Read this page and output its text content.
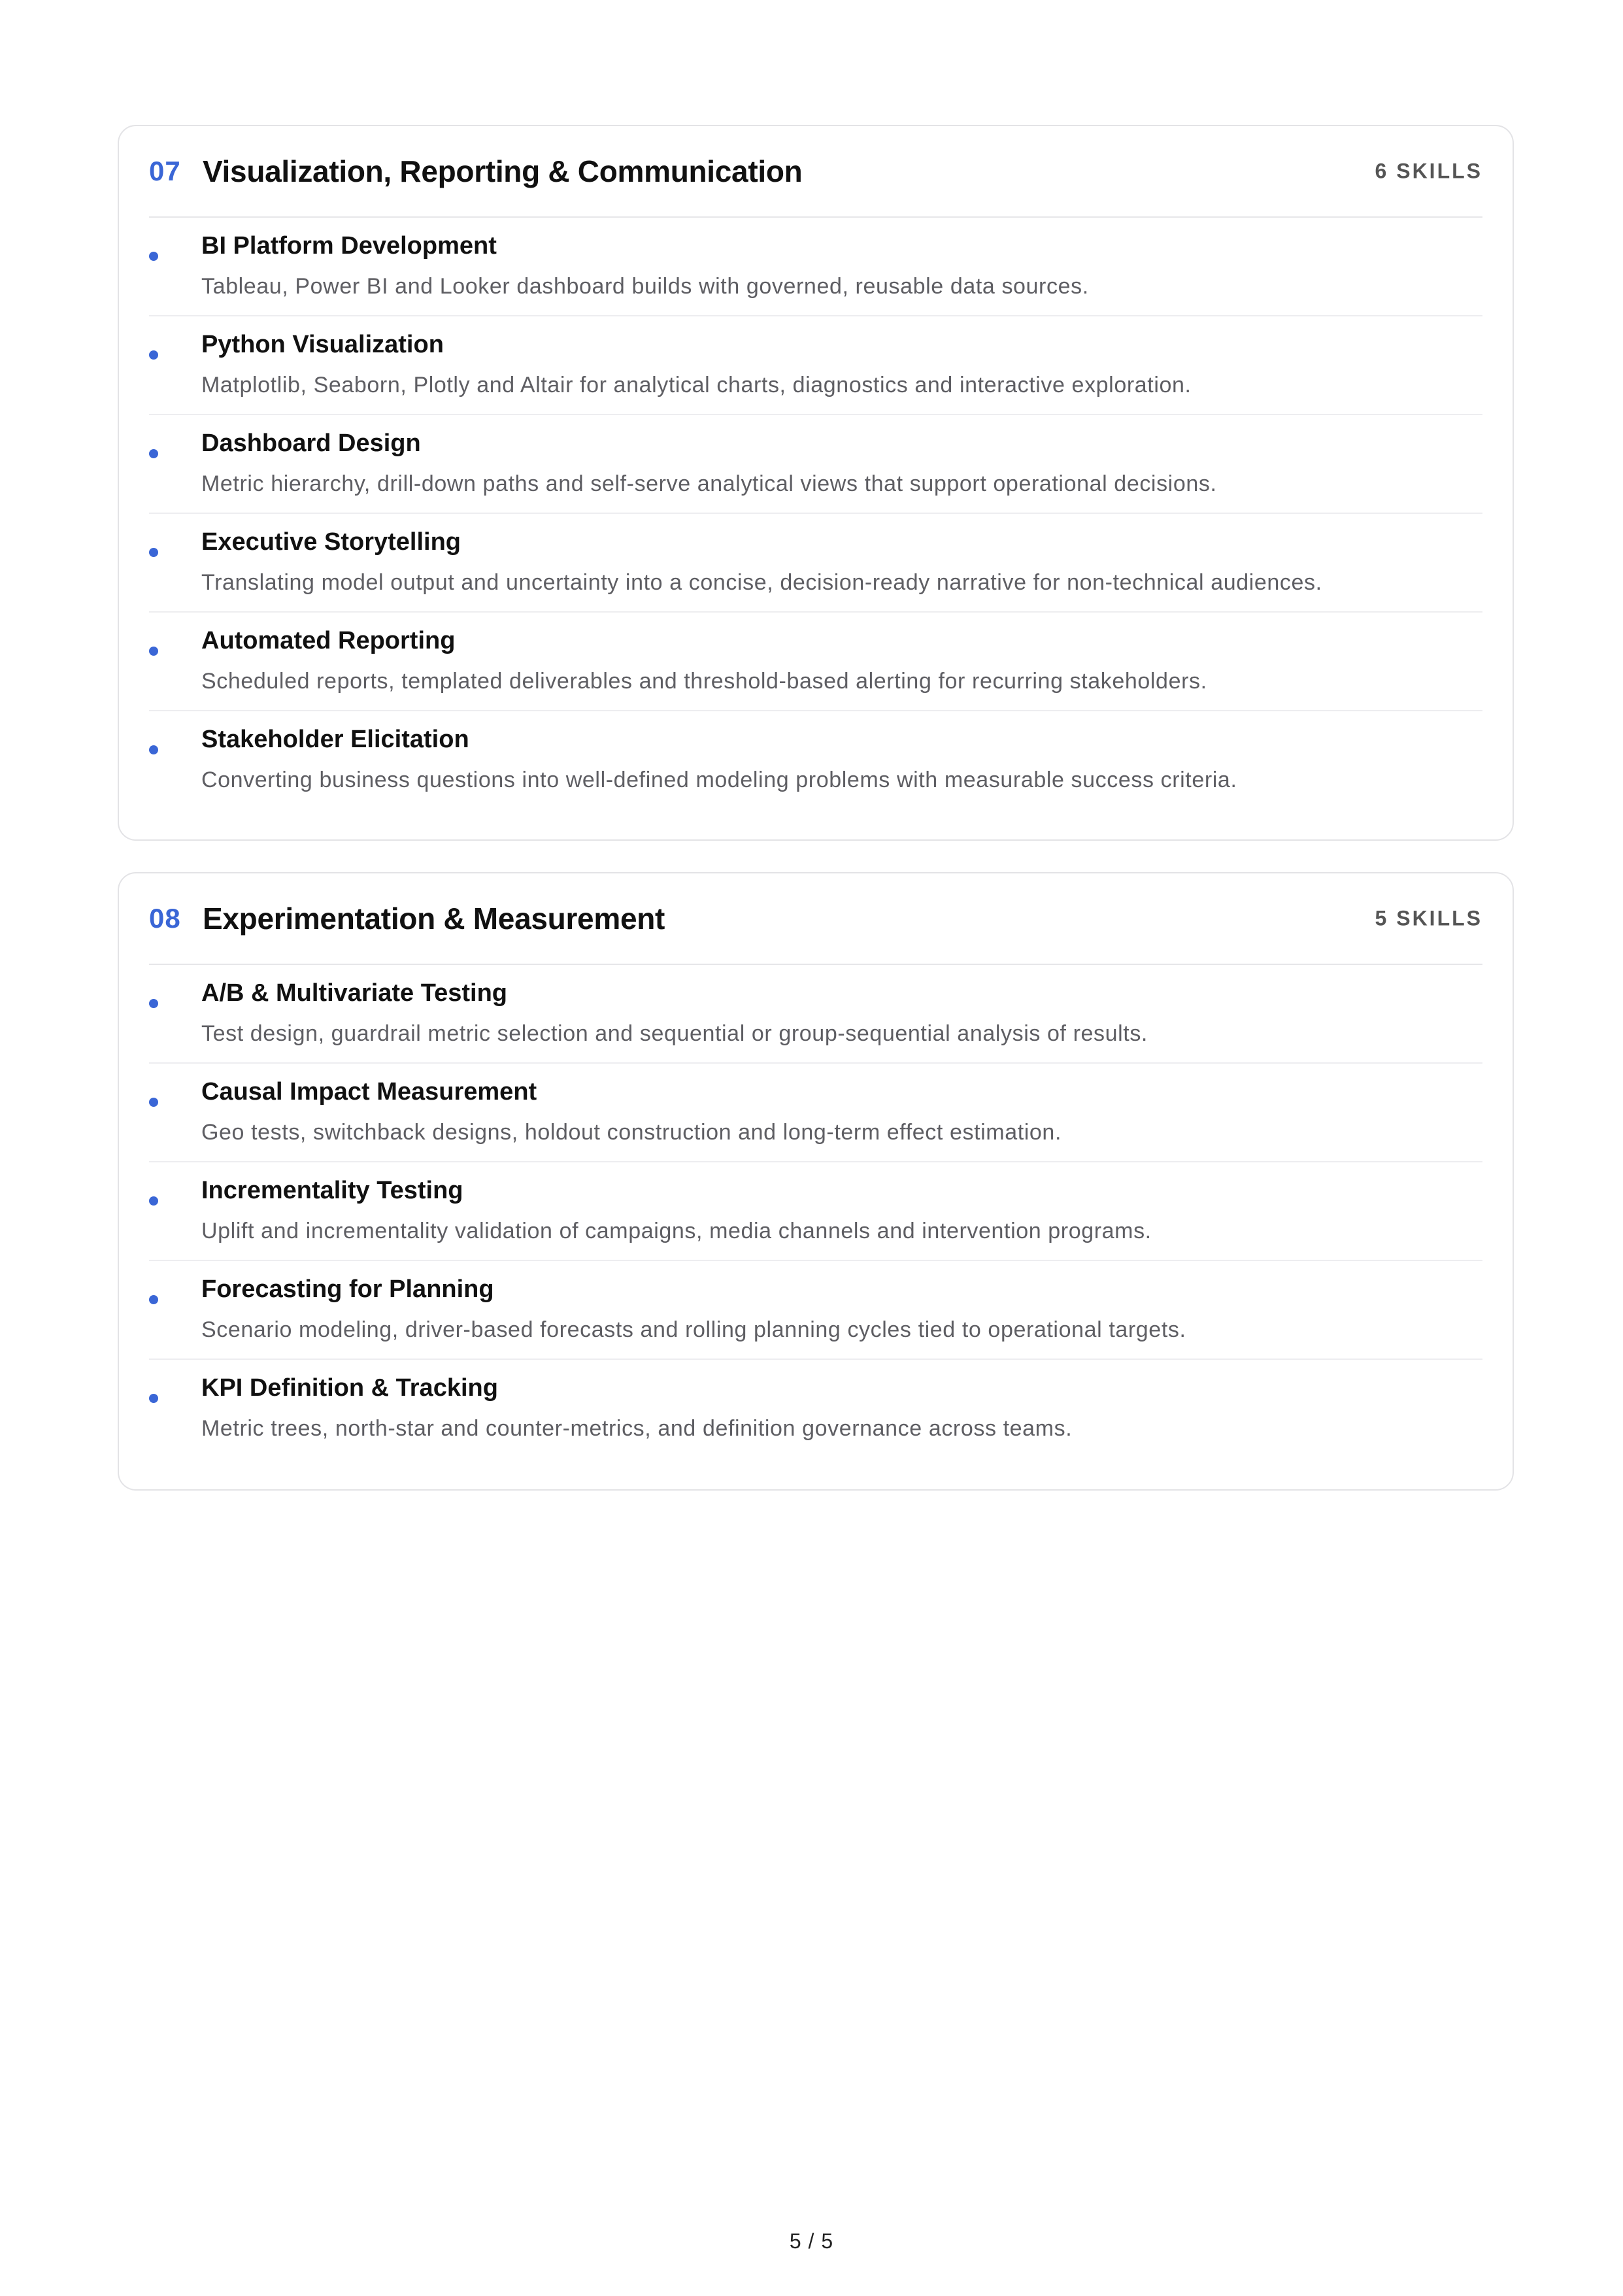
07 Visualization, Reporting & Communication	6 SKILLS
BI Platform Development
Tableau, Power BI and Looker dashboard builds with governed, reusable data sources.
Python Visualization
Matplotlib, Seaborn, Plotly and Altair for analytical charts, diagnostics and interactive exploration.
Dashboard Design
Metric hierarchy, drill-down paths and self-serve analytical views that support operational decisions.
Executive Storytelling
Translating model output and uncertainty into a concise, decision-ready narrative for non-technical audiences.
Automated Reporting
Scheduled reports, templated deliverables and threshold-based alerting for recurring stakeholders.
Stakeholder Elicitation
Converting business questions into well-defined modeling problems with measurable success criteria.
08 Experimentation & Measurement	5 SKILLS
A/B & Multivariate Testing
Test design, guardrail metric selection and sequential or group-sequential analysis of results.
Causal Impact Measurement
Geo tests, switchback designs, holdout construction and long-term effect estimation.
Incrementality Testing
Uplift and incrementality validation of campaigns, media channels and intervention programs.
Forecasting for Planning
Scenario modeling, driver-based forecasts and rolling planning cycles tied to operational targets.
KPI Definition & Tracking
Metric trees, north-star and counter-metrics, and definition governance across teams.
5 / 5
